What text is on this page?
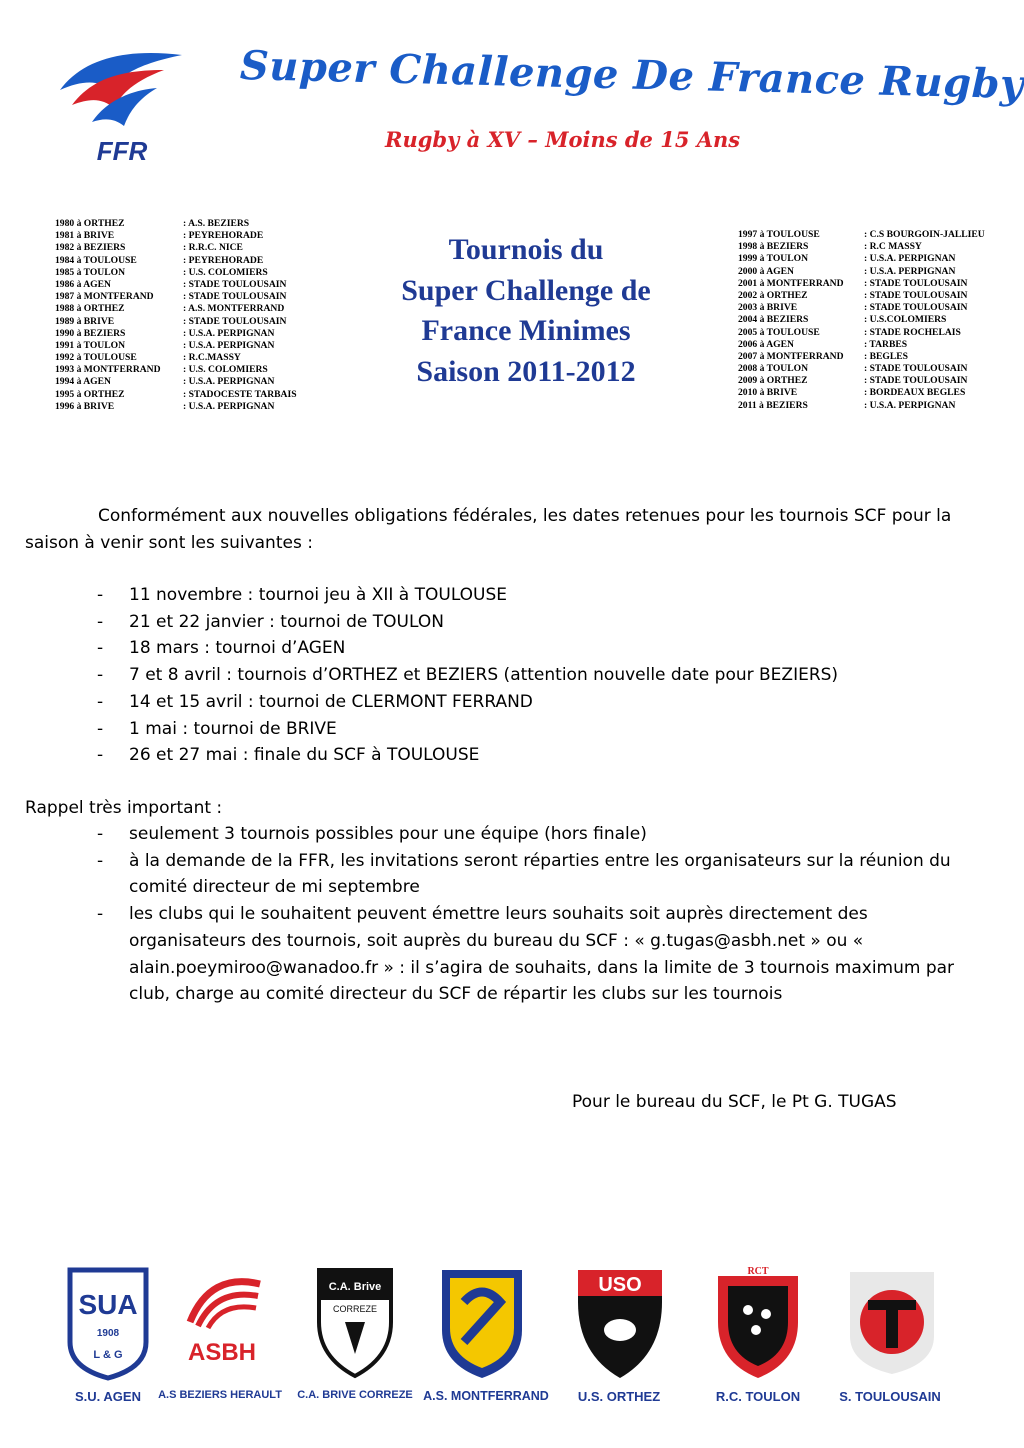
FFR
Super Challenge De France Rugby
Rugby à XV – Moins de 15 Ans
1980 à ORTHEZ	: A.S. BEZIERS
1981 à BRIVE	: PEYREHORADE
1982 à BEZIERS	: R.R.C. NICE
1984 à TOULOUSE	: PEYREHORADE
1985 à TOULON	: U.S. COLOMIERS
1986 à AGEN	: STADE TOULOUSAIN
1987 à MONTFERAND	: STADE TOULOUSAIN
1988 à ORTHEZ	: A.S. MONTFERRAND
1989 à BRIVE	: STADE TOULOUSAIN
1990 à BEZIERS	: U.S.A. PERPIGNAN
1991 à TOULON	: U.S.A. PERPIGNAN
1992 à TOULOUSE	: R.C.MASSY
1993 à MONTFERRAND	: U.S. COLOMIERS
1994 à AGEN	: U.S.A. PERPIGNAN
1995 à ORTHEZ	: STADOCESTE TARBAIS
1996 à BRIVE	: U.S.A. PERPIGNAN
Tournois du
Super Challenge de
France Minimes
Saison 2011-2012
1997 à TOULOUSE	: C.S BOURGOIN-JALLIEU
1998 à BEZIERS	: R.C MASSY
1999 à TOULON	: U.S.A. PERPIGNAN
2000 à AGEN	: U.S.A. PERPIGNAN
2001 à MONTFERRAND	: STADE TOULOUSAIN
2002 à ORTHEZ	: STADE TOULOUSAIN
2003 à BRIVE	: STADE TOULOUSAIN
2004 à BEZIERS	: U.S.COLOMIERS
2005 à TOULOUSE	: STADE ROCHELAIS
2006 à AGEN	: TARBES
2007 à MONTFERRAND	: BEGLES
2008 à TOULON	: STADE TOULOUSAIN
2009 à ORTHEZ	: STADE TOULOUSAIN
2010 à BRIVE	: BORDEAUX BEGLES
2011 à BEZIERS	: U.S.A. PERPIGNAN
Conformément aux nouvelles obligations fédérales, les dates retenues pour les tournois SCF pour la
saison à venir sont les suivantes :
- 11 novembre : tournoi jeu à XII à TOULOUSE
- 21 et 22 janvier : tournoi de TOULON
- 18 mars : tournoi d’AGEN
- 7 et 8 avril : tournois d’ORTHEZ et BEZIERS (attention nouvelle date pour BEZIERS)
- 14 et 15 avril : tournoi de CLERMONT FERRAND
- 1 mai : tournoi de BRIVE
- 26 et 27 mai : finale du SCF à TOULOUSE
Rappel très important :
- seulement 3 tournois possibles pour une équipe (hors finale)
- à la demande de la FFR, les invitations seront réparties entre les organisateurs sur la réunion du comité directeur de mi septembre
- les clubs qui le souhaitent peuvent émettre leurs souhaits soit auprès directement des organisateurs des tournois, soit auprès du bureau du SCF : « g.tugas@asbh.net » ou « alain.poeymiroo@wanadoo.fr » : il s’agira de souhaits, dans la limite de 3 tournois maximum par club, charge au comité directeur du SCF de répartir les clubs sur les tournois
Pour le bureau du SCF, le Pt G. TUGAS
SUA
1908
L & G	ASBH
C.A. Brive
CORREZE
USO
RCT
S.U. AGEN	A.S BEZIERS HERAULT	C.A. BRIVE CORREZE A.S. MONTFERRAND	U.S. ORTHEZ	R.C. TOULON	S. TOULOUSAIN
